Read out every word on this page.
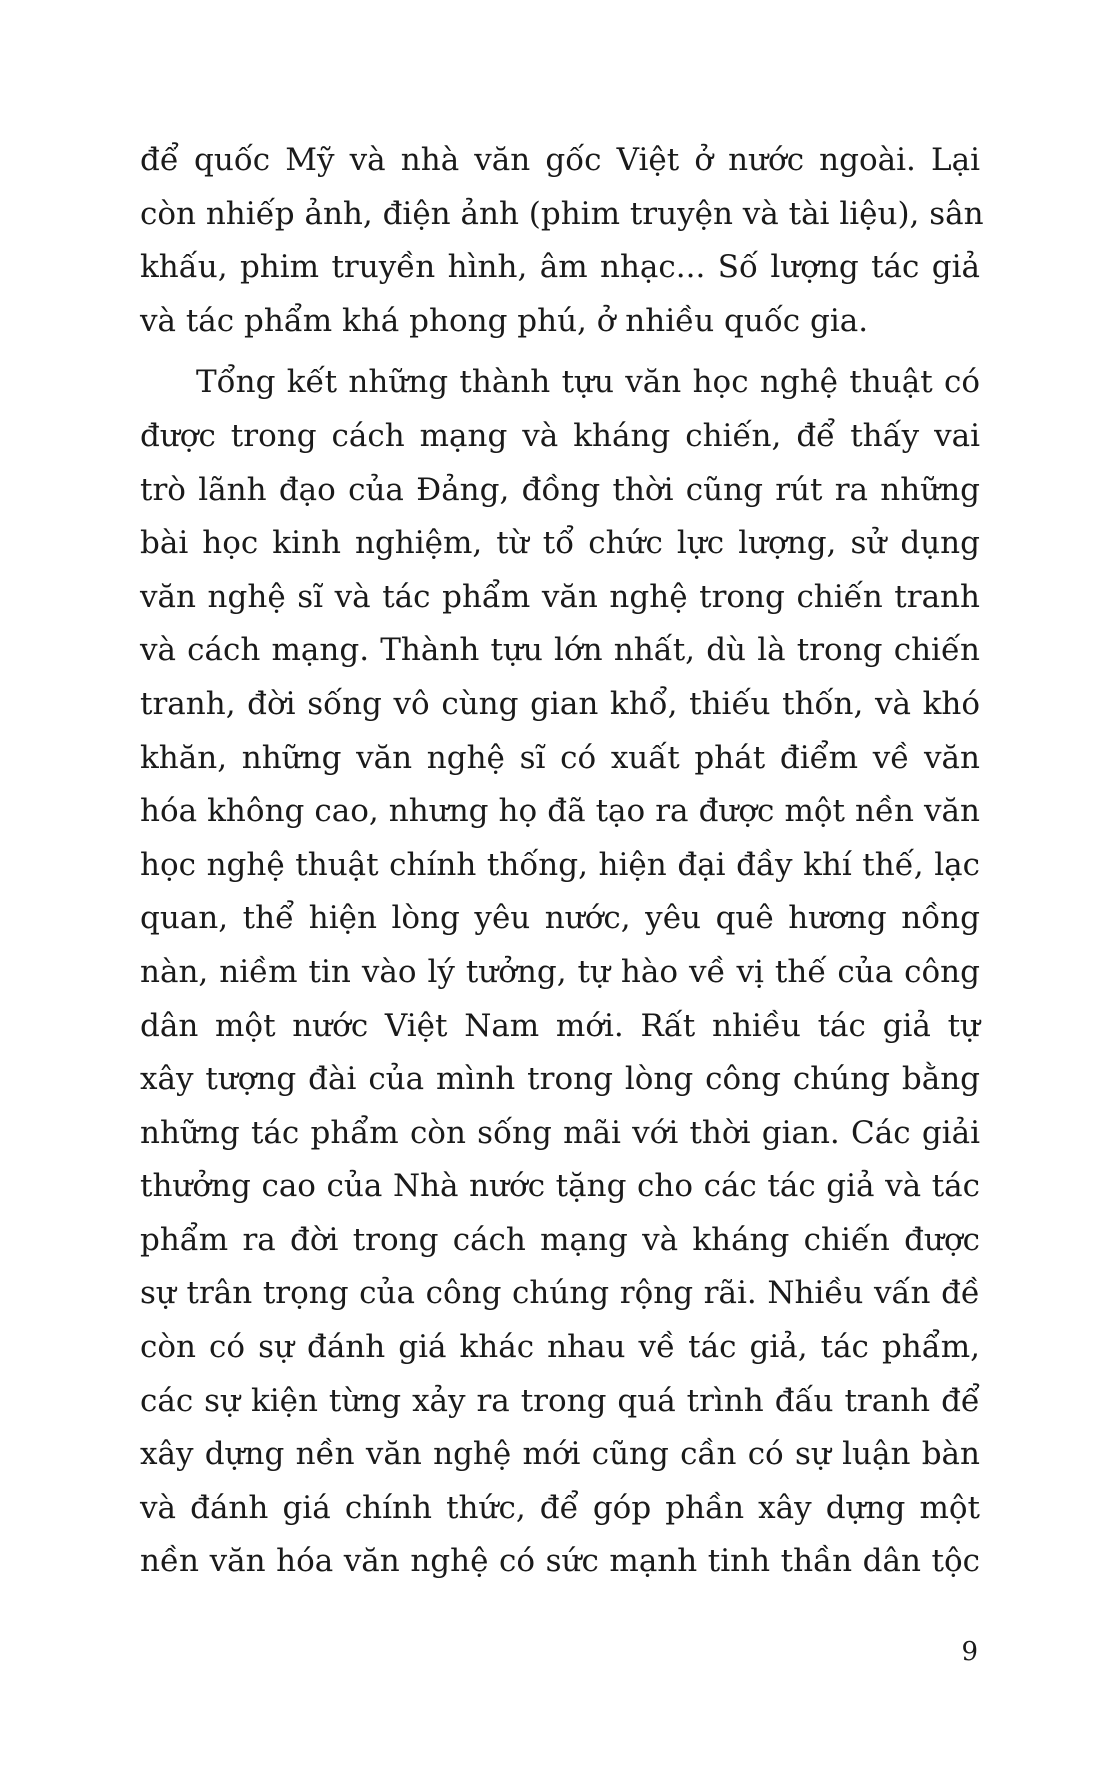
để quốc Mỹ và nhà văn gốc Việt ở nước ngoài. Lại
còn nhiếp ảnh, điện ảnh (phim truyện và tài liệu), sân
khấu, phim truyền hình, âm nhạc... Số lượng tác giả
và tác phẩm khá phong phú, ở nhiều quốc gia.
Tổng kết những thành tựu văn học nghệ thuật có
được trong cách mạng và kháng chiến, để thấy vai
trò lãnh đạo của Đảng, đồng thời cũng rút ra những
bài học kinh nghiệm, từ tổ chức lực lượng, sử dụng
văn nghệ sĩ và tác phẩm văn nghệ trong chiến tranh
và cách mạng. Thành tựu lớn nhất, dù là trong chiến
tranh, đời sống vô cùng gian khổ, thiếu thốn, và khó
khăn, những văn nghệ sĩ có xuất phát điểm về văn
hóa không cao, nhưng họ đã tạo ra được một nền văn
học nghệ thuật chính thống, hiện đại đầy khí thế, lạc
quan, thể hiện lòng yêu nước, yêu quê hương nồng
nàn, niềm tin vào lý tưởng, tự hào về vị thế của công
dân một nước Việt Nam mới. Rất nhiều tác giả tự
xây tượng đài của mình trong lòng công chúng bằng
những tác phẩm còn sống mãi với thời gian. Các giải
thưởng cao của Nhà nước tặng cho các tác giả và tác
phẩm ra đời trong cách mạng và kháng chiến được
sự trân trọng của công chúng rộng rãi. Nhiều vấn đề
còn có sự đánh giá khác nhau về tác giả, tác phẩm,
các sự kiện từng xảy ra trong quá trình đấu tranh để
xây dựng nền văn nghệ mới cũng cần có sự luận bàn
và đánh giá chính thức, để góp phần xây dựng một
nền văn hóa văn nghệ có sức mạnh tinh thần dân tộc
9
